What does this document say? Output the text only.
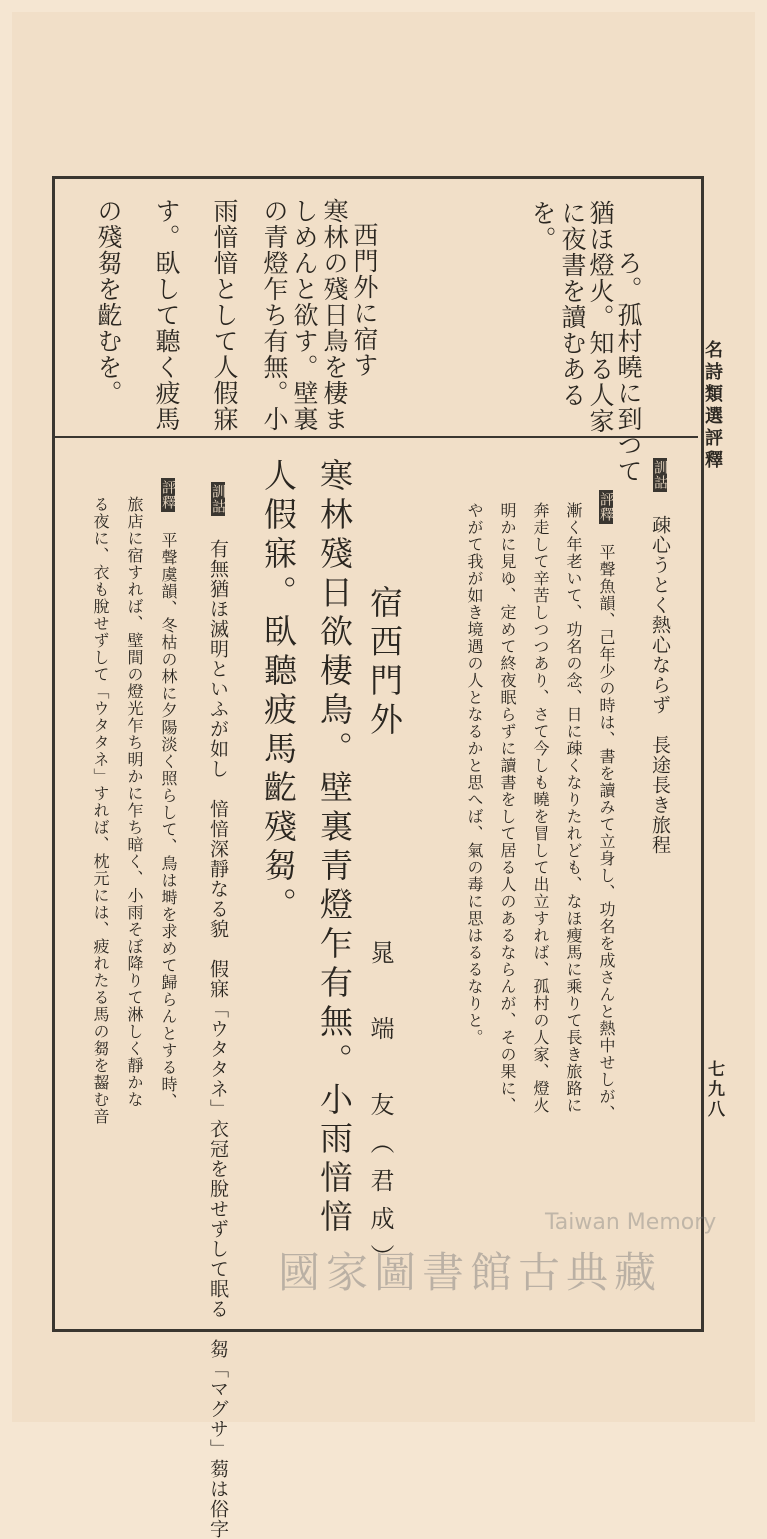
名詩類選評釋
七九八
ろ。孤村曉に到つて
猶ほ燈火。知る人家
に夜書を讀むある
を。
西門外に宿す
寒林の殘日鳥を棲ま
しめんと欲す。壁裏
の青燈乍ち有無。小
雨愔愔として人假寐
す。臥して聽く疲馬
の殘芻を齕むを。
訓詁 疎心うとく熱心ならず　長途長き旅程
評釋 平聲魚韻、己年少の時は、書を讀みて立身し、功名を成さんと熱中せしが、
漸く年老いて、功名の念、日に疎くなりたれども、なほ瘦馬に乘りて長き旅路に
奔走して辛苦しつつあり、さて今しも曉を冒して出立すれば、孤村の人家、燈火
明かに見ゆ、定めて終夜眠らずに讀書をして居る人のあるならんが、その果に、
やがて我が如き境遇の人となるかと思へば、氣の毒に思はるるなりと。
宿西門外
晁　端　友（君成）
寒林殘日欲棲鳥。壁裏青燈乍有無。小雨愔愔
人假寐。臥聽疲馬齕殘芻。
訓詁 有無猶ほ滅明といふが如し　愔愔深靜なる貌　假寐「ウタタネ」衣冠を脫せずして眠る　芻「マグサ」蒭は俗字
評釋 平聲虞韻、冬枯の林に夕陽淡く照らして、鳥は塒を求めて歸らんとする時、
旅店に宿すれば、壁間の燈光乍ち明かに乍ち暗く、小雨そぼ降りて淋しく靜かな
る夜に、衣も脫せずして「ウタタネ」すれば、枕元には、疲れたる馬の芻を齧む音
Taiwan Memory
國家圖書館古典藏
